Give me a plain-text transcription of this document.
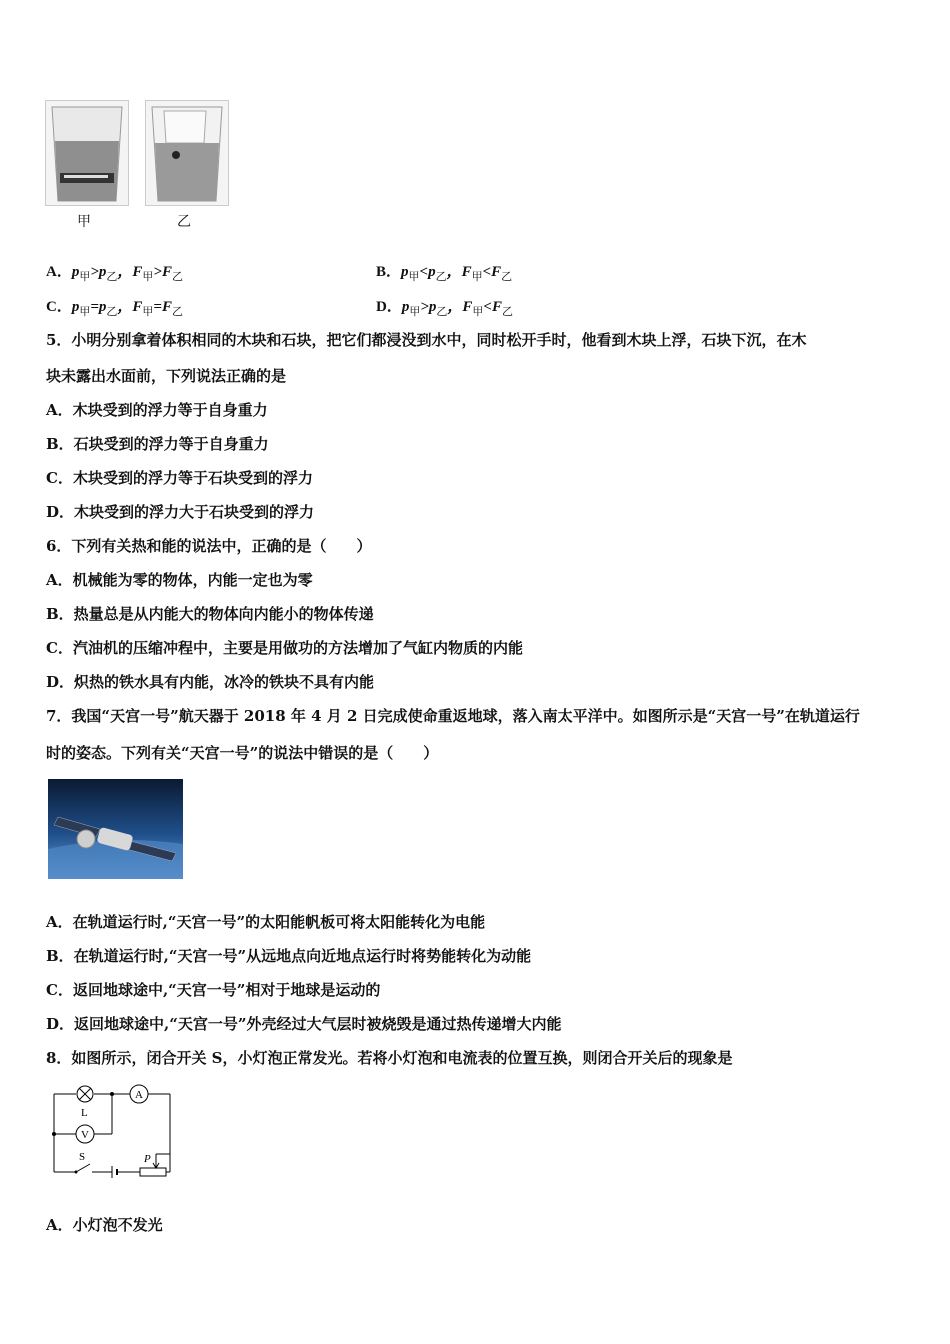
甲	乙
A．$p_甲>p_乙$，$F_甲>F_乙$	B．$p_甲<p_乙$，$F_甲<F_乙$
C．$p_甲=p_乙$，$F_甲=F_乙$	D．$p_甲>p_乙$，$F_甲<F_乙$
5．小明分别拿着体积相同的木块和石块，把它们都浸没到水中，同时松开手时，他看到木块上浮，石块下沉，在木
块未露出水面前，下列说法正确的是
A．木块受到的浮力等于自身重力
B．石块受到的浮力等于自身重力
C．木块受到的浮力等于石块受到的浮力
D．木块受到的浮力大于石块受到的浮力
6．下列有关热和能的说法中，正确的是（　　）
A．机械能为零的物体，内能一定也为零
B．热量总是从内能大的物体向内能小的物体传递
C．汽油机的压缩冲程中，主要是用做功的方法增加了气缸内物质的内能
D．炽热的铁水具有内能，冰冷的铁块不具有内能
7．我国“天宫一号”航天器于 2018 年 4 月 2 日完成使命重返地球，落入南太平洋中。如图所示是“天宫一号”在轨道运行
时的姿态。下列有关“天宫一号”的说法中错误的是（　　）
A．在轨道运行时,“天宫一号”的太阳能帆板可将太阳能转化为电能
B．在轨道运行时,“天宫一号”从远地点向近地点运行时将势能转化为动能
C．返回地球途中,“天宫一号”相对于地球是运动的
D．返回地球途中,“天宫一号”外壳经过大气层时被烧毁是通过热传递增大内能
8．如图所示，闭合开关 S，小灯泡正常发光。若将小灯泡和电流表的位置互换，则闭合开关后的现象是
L
A
V
S	P
A．小灯泡不发光
